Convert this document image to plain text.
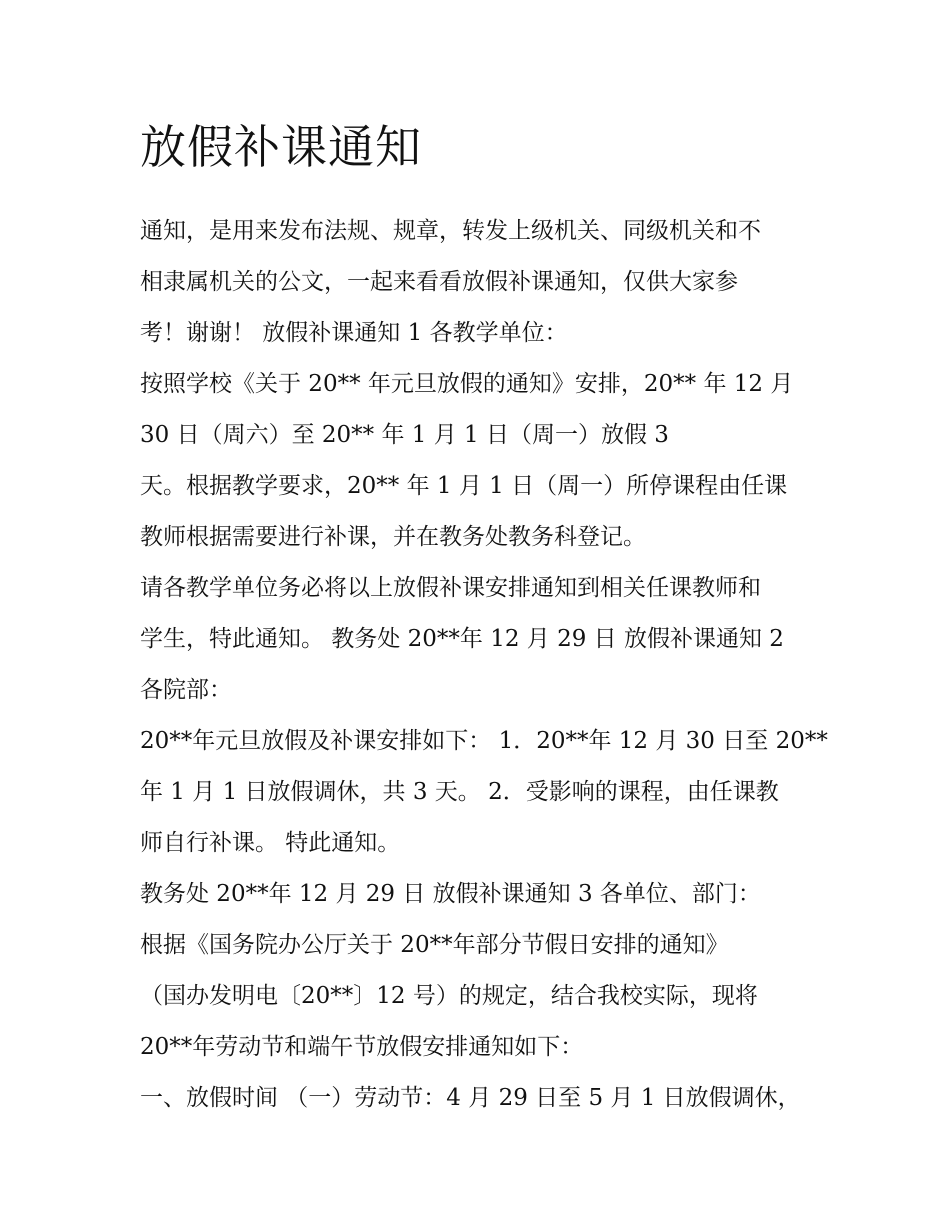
放假补课通知
通知，是用来发布法规、规章，转发上级机关、同级机关和不
相隶属机关的公文，一起来看看放假补课通知，仅供大家参
考！谢谢！ 放假补课通知 1 各教学单位：
按照学校《关于 20** 年元旦放假的通知》安排，20** 年 12 月
30 日（周六）至 20** 年 1 月 1 日（周一）放假 3
天。根据教学要求，20** 年 1 月 1 日（周一）所停课程由任课
教师根据需要进行补课，并在教务处教务科登记。
请各教学单位务必将以上放假补课安排通知到相关任课教师和
学生，特此通知。 教务处 20**年 12 月 29 日 放假补课通知 2
各院部：
20**年元旦放假及补课安排如下： 1．20**年 12 月 30 日至 20**
年 1 月 1 日放假调休，共 3 天。 2．受影响的课程，由任课教
师自行补课。 特此通知。
教务处 20**年 12 月 29 日 放假补课通知 3 各单位、部门：
根据《国务院办公厅关于 20**年部分节假日安排的通知》
（国办发明电〔20**〕12 号）的规定，结合我校实际，现将
20**年劳动节和端午节放假安排通知如下：
一、放假时间 （一）劳动节：4 月 29 日至 5 月 1 日放假调休，
